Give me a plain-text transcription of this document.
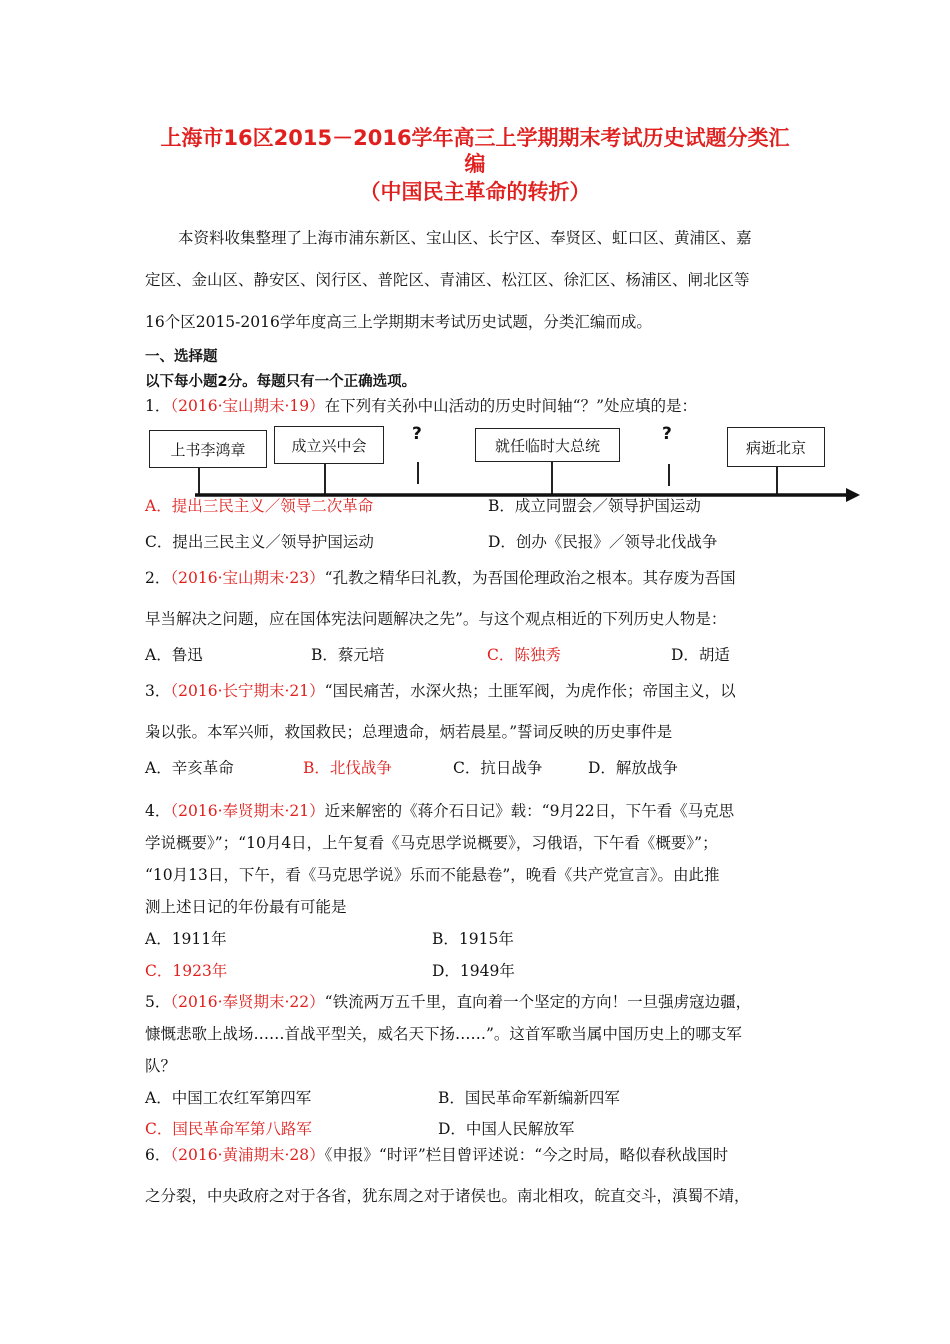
上海市16区2015－2016学年高三上学期期末考试历史试题分类汇
编
（中国民主革命的转折）
本资料收集整理了上海市浦东新区、宝山区、长宁区、奉贤区、虹口区、黄浦区、嘉
定区、金山区、静安区、闵行区、普陀区、青浦区、松江区、徐汇区、杨浦区、闸北区等
16个区2015-2016学年度高三上学期期末考试历史试题，分类汇编而成。
一、选择题
以下每小题2分。每题只有一个正确选项。
1．（2016·宝山期末·19）在下列有关孙中山活动的历史时间轴“？”处应填的是：
上书李鸿章	成立兴中会
?
就任临时大总统
?
病逝北京
A．提出三民主义／领导二次革命	B．成立同盟会／领导护国运动
C．提出三民主义／领导护国运动	D．创办《民报》／领导北伐战争
2．（2016·宝山期末·23）“孔教之精华曰礼教，为吾国伦理政治之根本。其存废为吾国
早当解决之问题，应在国体宪法问题解决之先”。与这个观点相近的下列历史人物是：
A．鲁迅	B．蔡元培	C．陈独秀	D．胡适
3．（2016·长宁期末·21）“国民痛苦，水深火热；土匪军阀，为虎作伥；帝国主义，以
枭以张。本军兴师，救国救民；总理遗命，炳若晨星。”誓词反映的历史事件是
A．辛亥革命	B．北伐战争	C．抗日战争	D．解放战争
4．（2016·奉贤期末·21）近来解密的《蒋介石日记》载：“9月22日，下午看《马克思
学说概要》”；“10月4日，上午复看《马克思学说概要》，习俄语，下午看《概要》”；
“10月13日，下午，看《马克思学说》乐而不能悬卷”，晚看《共产党宣言》。由此推
测上述日记的年份最有可能是
A．1911年	B．1915年
C．1923年	D．1949年
5．（2016·奉贤期末·22）“铁流两万五千里，直向着一个坚定的方向！一旦强虏寇边疆，
慷慨悲歌上战场……首战平型关，威名天下扬……”。这首军歌当属中国历史上的哪支军
队？
A．中国工农红军第四军	B．国民革命军新编新四军
C．国民革命军第八路军	D．中国人民解放军
6．（2016·黄浦期末·28）《申报》“时评”栏目曾评述说：“今之时局，略似春秋战国时
之分裂，中央政府之对于各省，犹东周之对于诸侯也。南北相攻，皖直交斗，滇蜀不靖，
